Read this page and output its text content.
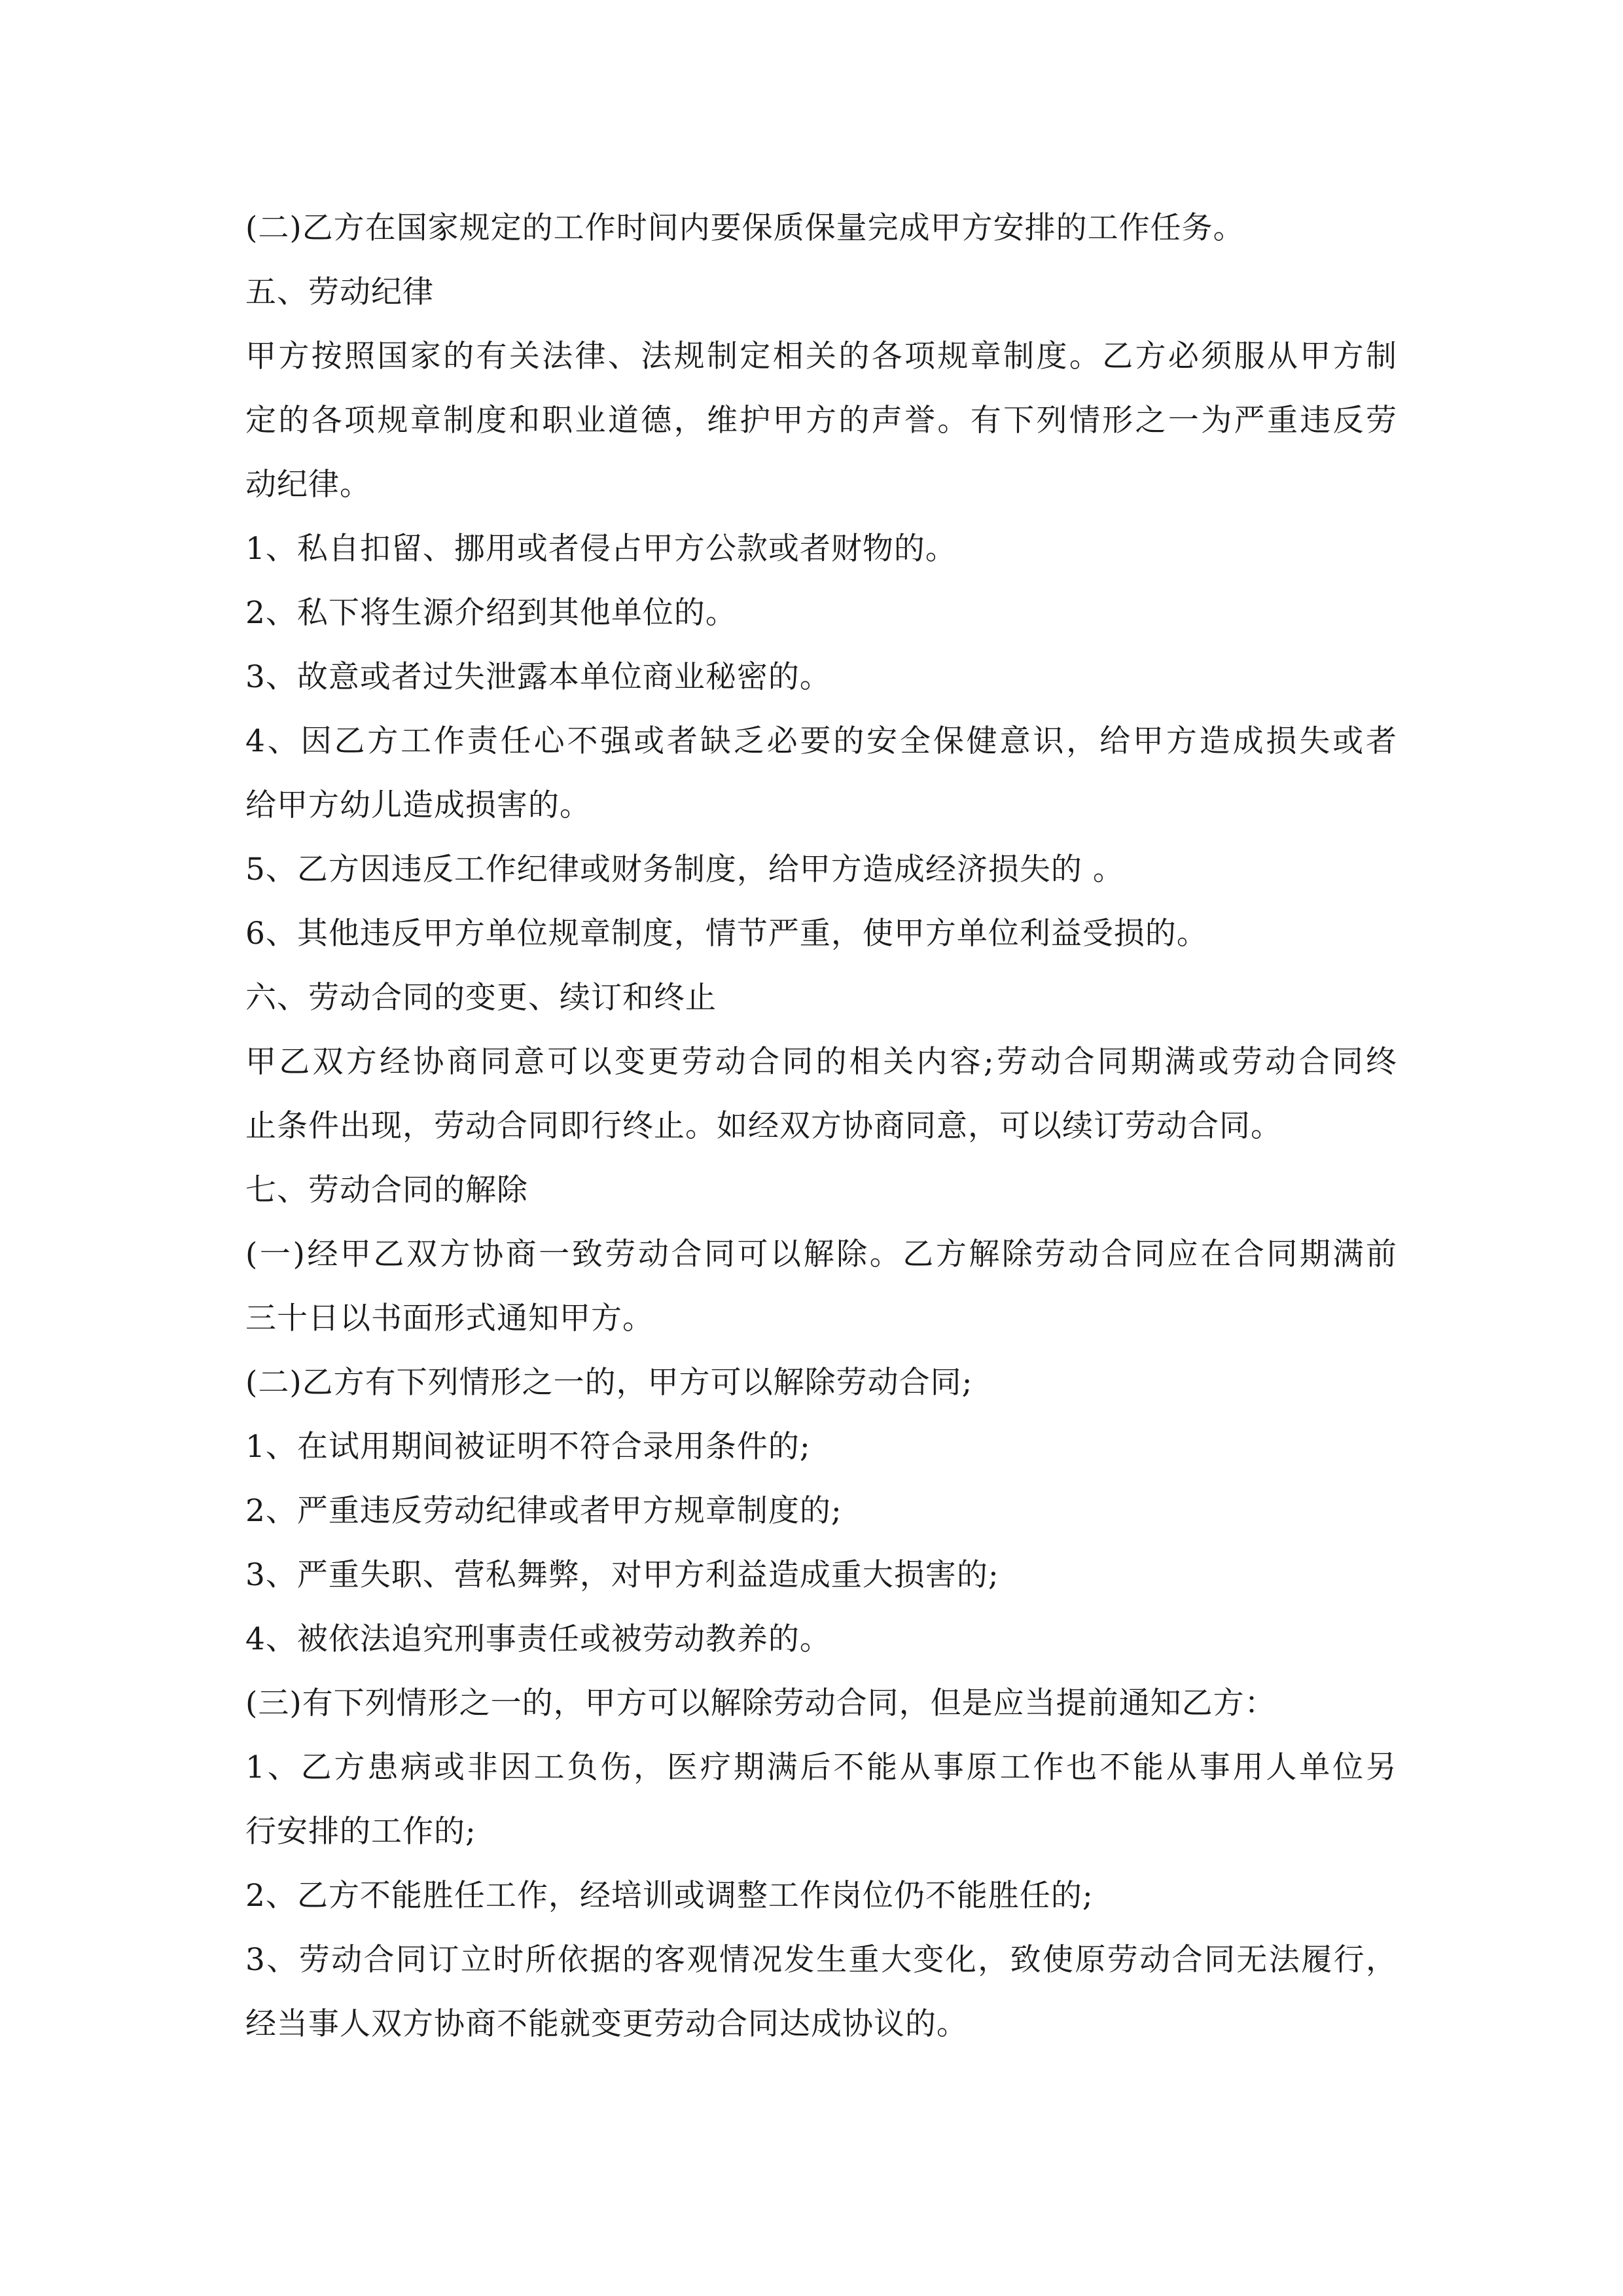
(二)乙方在国家规定的工作时间内要保质保量完成甲方安排的工作任务。
五、劳动纪律
甲方按照国家的有关法律、法规制定相关的各项规章制度。乙方必须服从甲方制
定的各项规章制度和职业道德，维护甲方的声誉。有下列情形之一为严重违反劳
动纪律。
1、私自扣留、挪用或者侵占甲方公款或者财物的。
2、私下将生源介绍到其他单位的。
3、故意或者过失泄露本单位商业秘密的。
4、因乙方工作责任心不强或者缺乏必要的安全保健意识，给甲方造成损失或者
给甲方幼儿造成损害的。
5、乙方因违反工作纪律或财务制度，给甲方造成经济损失的 。
6、其他违反甲方单位规章制度，情节严重，使甲方单位利益受损的。
六、劳动合同的变更、续订和终止
甲乙双方经协商同意可以变更劳动合同的相关内容;劳动合同期满或劳动合同终
止条件出现，劳动合同即行终止。如经双方协商同意，可以续订劳动合同。
七、劳动合同的解除
(一)经甲乙双方协商一致劳动合同可以解除。乙方解除劳动合同应在合同期满前
三十日以书面形式通知甲方。
(二)乙方有下列情形之一的，甲方可以解除劳动合同;
1、在试用期间被证明不符合录用条件的;
2、严重违反劳动纪律或者甲方规章制度的;
3、严重失职、营私舞弊，对甲方利益造成重大损害的;
4、被依法追究刑事责任或被劳动教养的。
(三)有下列情形之一的，甲方可以解除劳动合同，但是应当提前通知乙方：
1、乙方患病或非因工负伤，医疗期满后不能从事原工作也不能从事用人单位另
行安排的工作的;
2、乙方不能胜任工作，经培训或调整工作岗位仍不能胜任的;
3、劳动合同订立时所依据的客观情况发生重大变化，致使原劳动合同无法履行，
经当事人双方协商不能就变更劳动合同达成协议的。
